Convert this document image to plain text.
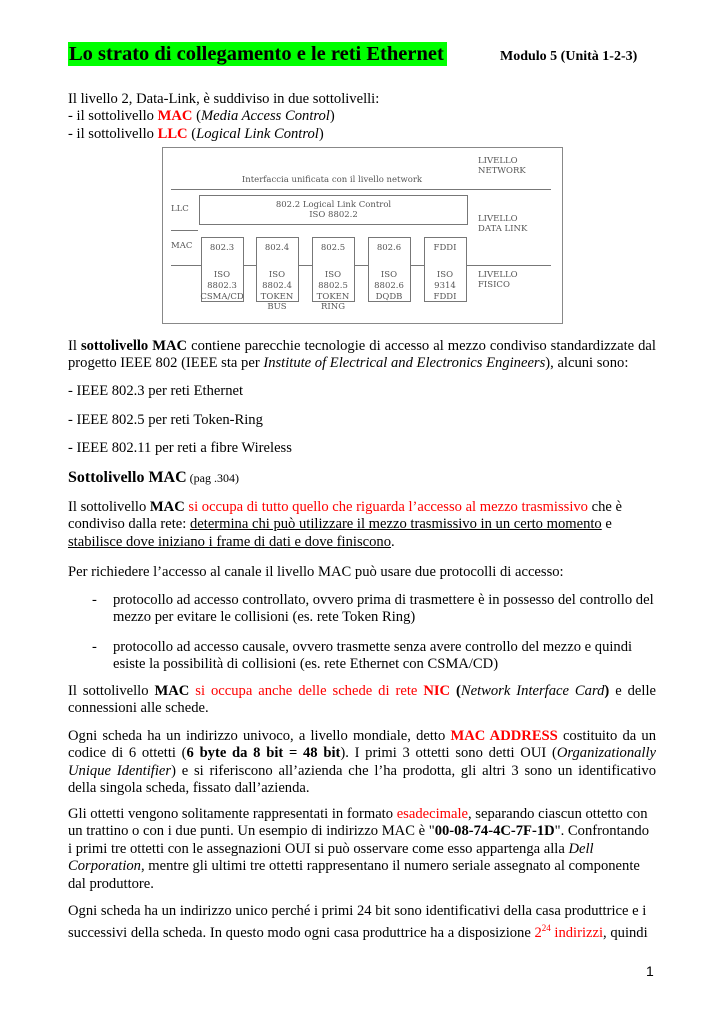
Lo strato di collegamento e le reti Ethernet	Modulo 5 (Unità 1-2-3)
Il livello 2, Data-Link, è suddiviso in due sottolivelli:
- il sottolivello MAC (Media Access Control)
- il sottolivello LLC (Logical Link Control)
Interfaccia unificata con il livello network
LLC	802.2 Logical Link Control
ISO 8802.2
MAC 802.3
ISO
8802.3
CSMA/CD
802.4
ISO
8802.4
TOKEN
BUS
802.5
ISO
8802.5
TOKEN
RING
802.6
ISO
8802.6
DQDB
FDDI
ISO
9314
FDDI
LIVELLO
NETWORK
LIVELLO
DATA LINK
LIVELLO
FISICO
Il sottolivello MAC contiene parecchie tecnologie di accesso al mezzo condiviso standardizzate dal progetto IEEE 802 (IEEE sta per Institute of Electrical and Electronics Engineers), alcuni sono:
- IEEE 802.3 per reti Ethernet
- IEEE 802.5 per reti Token-Ring
- IEEE 802.11 per reti a fibre Wireless
Sottolivello MAC (pag .304)
Il sottolivello MAC si occupa di tutto quello che riguarda l’accesso al mezzo trasmissivo che è condiviso dalla rete: determina chi può utilizzare il mezzo trasmissivo in un certo momento e stabilisce dove iniziano i frame di dati e dove finiscono.
Per richiedere l’accesso al canale il livello MAC può usare due protocolli di accesso:
- protocollo ad accesso controllato, ovvero prima di trasmettere è in possesso del controllo del mezzo per evitare le collisioni (es. rete Token Ring)
- protocollo ad accesso causale, ovvero trasmette senza avere controllo del mezzo e quindi esiste la possibilità di collisioni (es. rete Ethernet con CSMA/CD)
Il sottolivello MAC si occupa anche delle schede di rete NIC (Network Interface Card) e delle connessioni alle schede.
Ogni scheda ha un indirizzo univoco, a livello mondiale, detto MAC ADDRESS costituito da un codice di 6 ottetti (6 byte da 8 bit = 48 bit). I primi 3 ottetti sono detti OUI (Organizationally Unique Identifier) e si riferiscono all’azienda che l’ha prodotta, gli altri 3 sono un identificativo della singola scheda, fissato dall’azienda.
Gli ottetti vengono solitamente rappresentati in formato esadecimale, separando ciascun ottetto con un trattino o con i due punti. Un esempio di indirizzo MAC è "00-08-74-4C-7F-1D". Confrontando i primi tre ottetti con le assegnazioni OUI si può osservare come esso appartenga alla Dell Corporation, mentre gli ultimi tre ottetti rappresentano il numero seriale assegnato al componente dal produttore.
Ogni scheda ha un indirizzo unico perché i primi 24 bit sono identificativi della casa produttrice e i successivi della scheda. In questo modo ogni casa produttrice ha a disposizione $2^{24}$ indirizzi, quindi
1
